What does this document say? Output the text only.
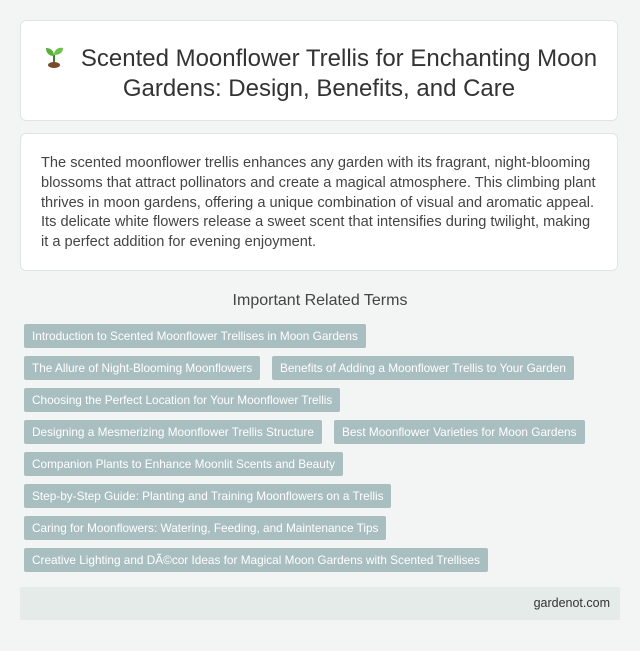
Scented Moonflower Trellis for Enchanting Moon Gardens: Design, Benefits, and Care

The scented moonflower trellis enhances any garden with its fragrant, night-blooming blossoms that attract pollinators and create a magical atmosphere. This climbing plant thrives in moon gardens, offering a unique combination of visual and aromatic appeal. Its delicate white flowers release a sweet scent that intensifies during twilight, making it a perfect addition for evening enjoyment.

Important Related Terms
Introduction to Scented Moonflower Trellises in Moon Gardens
The Allure of Night-Blooming Moonflowers	Benefits of Adding a Moonflower Trellis to Your Garden
Choosing the Perfect Location for Your Moonflower Trellis
Designing a Mesmerizing Moonflower Trellis Structure	Best Moonflower Varieties for Moon Gardens
Companion Plants to Enhance Moonlit Scents and Beauty
Step-by-Step Guide: Planting and Training Moonflowers on a Trellis
Caring for Moonflowers: Watering, Feeding, and Maintenance Tips
Creative Lighting and DÃ©cor Ideas for Magical Moon Gardens with Scented Trellises
gardenot.com
